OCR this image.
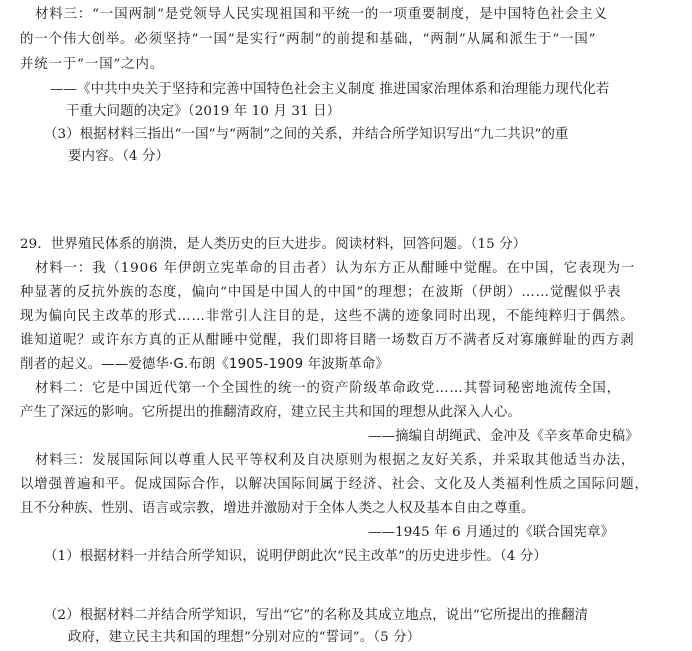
材料三：“一国两制”是党领导人民实现祖国和平统一的一项重要制度，是中国特色社会主义
的一个伟大创举。必须坚持“一国”是实行“两制”的前提和基础，“两制”从属和派生于“一国”
并统一于“一国”之内。
——《中共中央关于坚持和完善中国特色社会主义制度 推进国家治理体系和治理能力现代化若
干重大问题的决定》（2019 年 10 月 31 日）
（3）根据材料三指出“一国”与“两制”之间的关系，并结合所学知识写出“九二共识”的重
要内容。（4 分）
29．世界殖民体系的崩溃，是人类历史的巨大进步。阅读材料，回答问题。（15 分）
材料一：我（1906 年伊朗立宪革命的目击者）认为东方正从酣睡中觉醒。在中国，它表现为一
种显著的反抗外族的态度，偏向“中国是中国人的中国”的理想；在波斯（伊朗）……觉醒似乎表
现为偏向民主改革的形式……非常引人注目的是，这些不满的迹象同时出现，不能纯粹归于偶然。
谁知道呢？或许东方真的正从酣睡中觉醒，我们即将目睹一场数百万不满者反对寡廉鲜耻的西方剥
削者的起义。——爱德华·G.布朗《1905-1909 年波斯革命》
材料二：它是中国近代第一个全国性的统一的资产阶级革命政党……其誓词秘密地流传全国，
产生了深远的影响。它所提出的推翻清政府，建立民主共和国的理想从此深入人心。
——摘编自胡绳武、金冲及《辛亥革命史稿》
材料三：发展国际间以尊重人民平等权利及自决原则为根据之友好关系，并采取其他适当办法，
以增强普遍和平。促成国际合作，以解决国际间属于经济、社会、文化及人类福利性质之国际问题，
且不分种族、性别、语言或宗教，增进并激励对于全体人类之人权及基本自由之尊重。
——1945 年 6 月通过的《联合国宪章》
（1）根据材料一并结合所学知识，说明伊朗此次“民主改革”的历史进步性。（4 分）
（2）根据材料二并结合所学知识，写出“它”的名称及其成立地点，说出“它所提出的推翻清
政府，建立民主共和国的理想”分别对应的“誓词”。（5 分）
